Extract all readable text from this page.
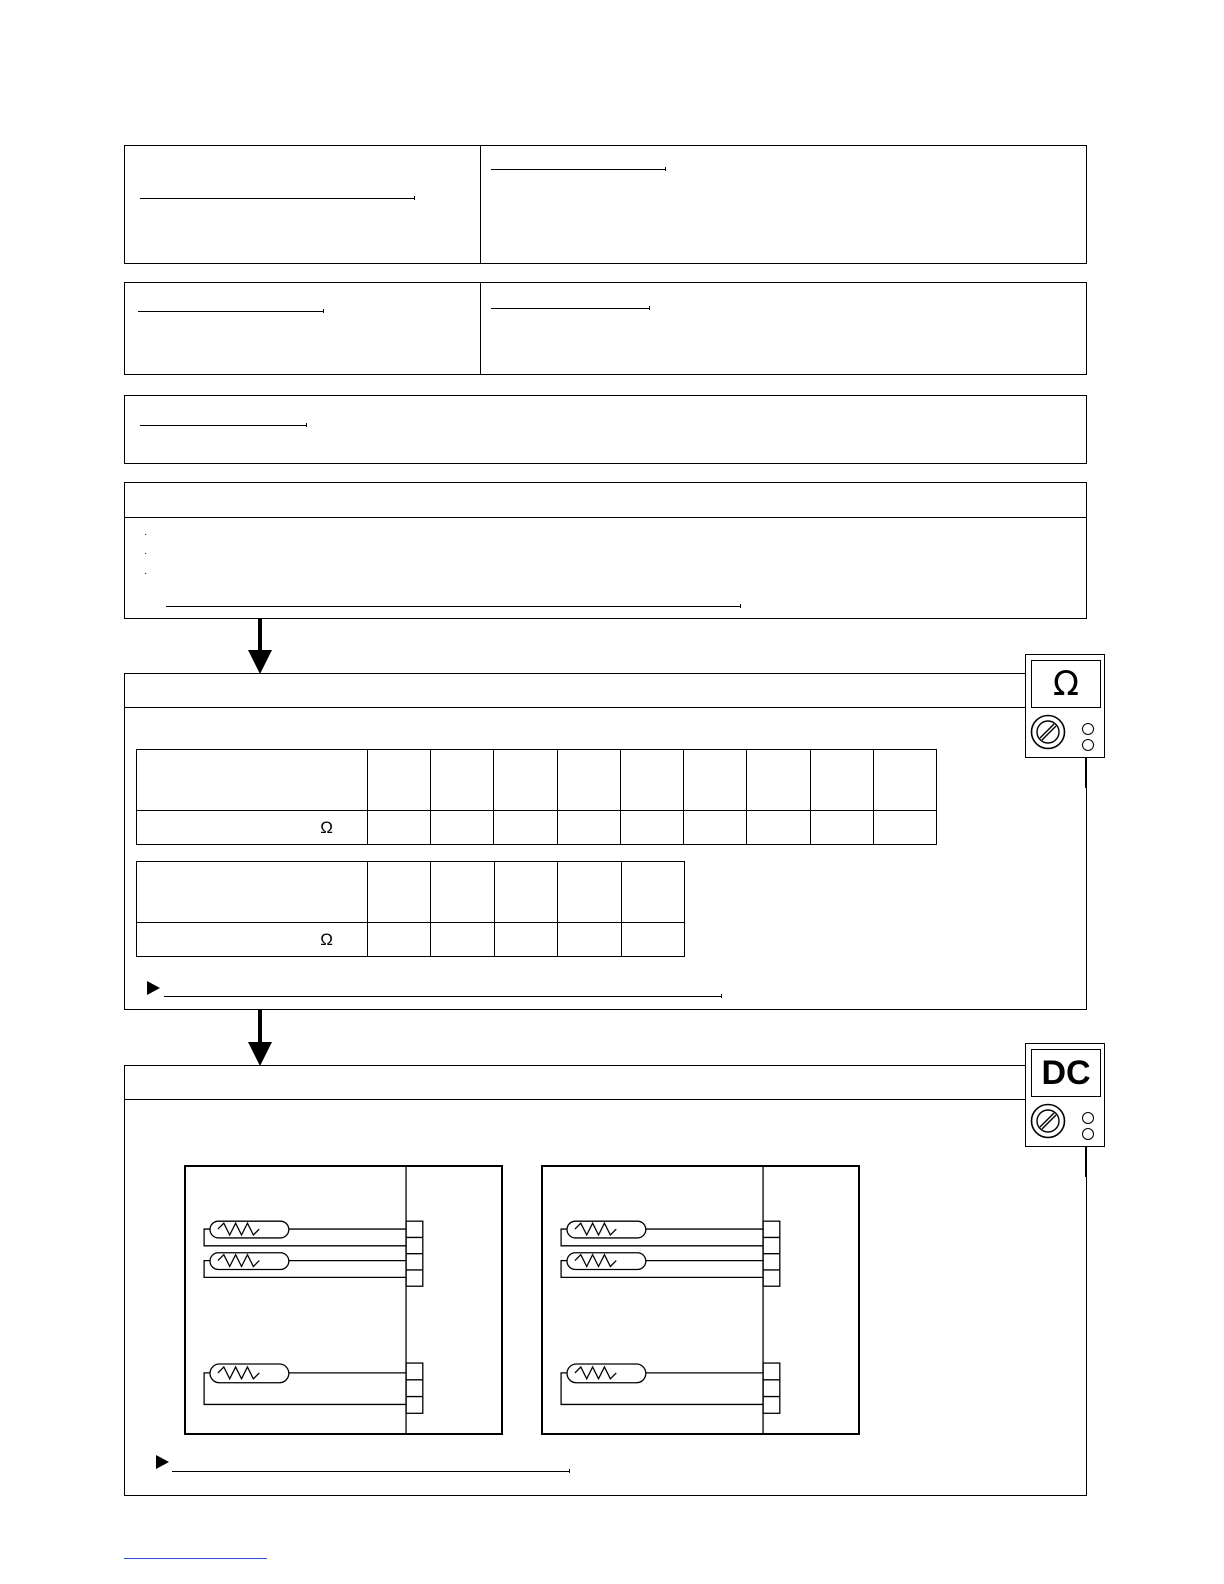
·
·
·

Ω									

Ω					
Ω
DC
